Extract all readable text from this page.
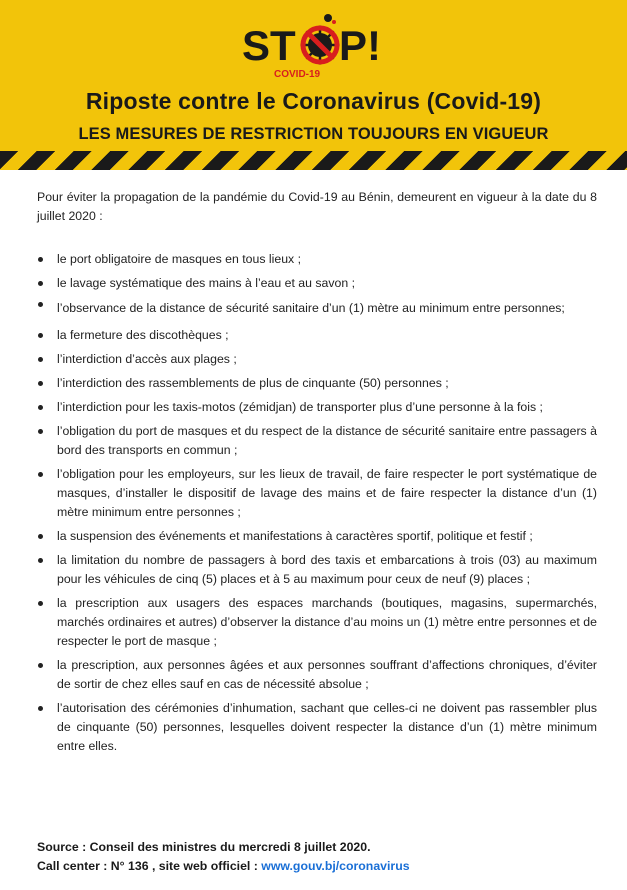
ST P!
COVID-19
Riposte contre le Coronavirus (Covid-19)
LES MESURES DE RESTRICTION TOUJOURS EN VIGUEUR

Pour éviter la propagation de la pandémie du Covid-19 au Bénin, demeurent en vigueur à la date du 8 juillet 2020 :

le port obligatoire de masques en tous lieux ;
le lavage systématique des mains à l’eau et au savon ;
l’observance de la distance de sécurité sanitaire d’un (1) mètre au minimum entre personnes;
la fermeture des discothèques ;
l’interdiction d’accès aux plages ;
l’interdiction des rassemblements de plus de cinquante (50) personnes ;
l’interdiction pour les taxis-motos (zémidjan) de transporter plus d’une personne à la fois ;
l’obligation du port de masques et du respect de la distance de sécurité sanitaire entre passagers à bord des transports en commun ;
l’obligation pour les employeurs, sur les lieux de travail, de faire respecter le port systématique de masques, d’installer le dispositif de lavage des mains et de faire respecter la distance d’un (1) mètre minimum entre personnes ;
la suspension des événements et manifestations à caractères sportif, politique et festif ;
la limitation du nombre de passagers à bord des taxis et embarcations à trois (03) au maximum pour les véhicules de cinq (5) places et à 5 au maximum pour ceux de neuf (9) places ;
la prescription aux usagers des espaces marchands (boutiques, magasins, supermarchés, marchés ordinaires et autres) d’observer la distance d’au moins un (1) mètre entre personnes et de respecter le port de masque ;
la prescription, aux personnes âgées et aux personnes souffrant d’affections chroniques, d’éviter de sortir de chez elles sauf en cas de nécessité absolue ;
l’autorisation des cérémonies d’inhumation, sachant que celles-ci ne doivent pas rassembler plus de cinquante (50) personnes, lesquelles doivent respecter la distance d’un (1) mètre minimum entre elles.
Source : Conseil des ministres du mercredi 8 juillet 2020.
Call center : N° 136 , site web officiel : www.gouv.bj/coronavirus
